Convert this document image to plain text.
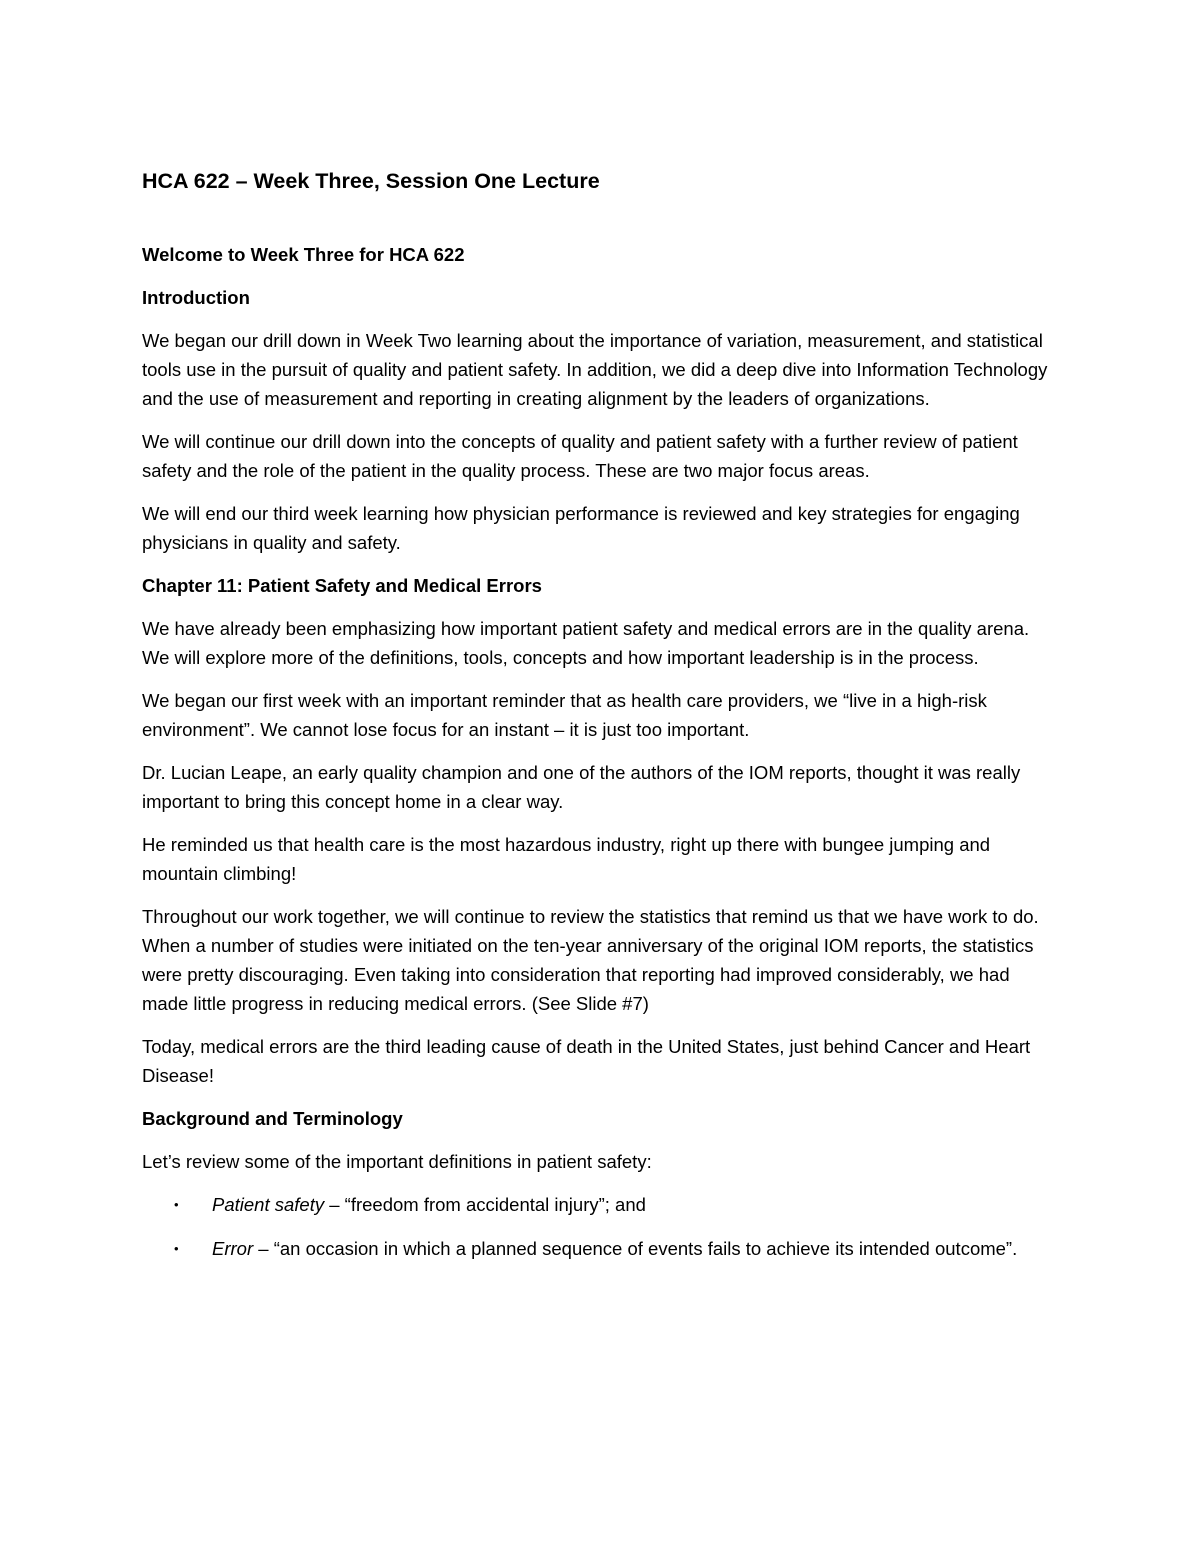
HCA 622 – Week Three, Session One Lecture
Welcome to Week Three for HCA 622
Introduction

We began our drill down in Week Two learning about the importance of variation, measurement, and statistical tools use in the pursuit of quality and patient safety. In addition, we did a deep dive into Information Technology and the use of measurement and reporting in creating alignment by the leaders of organizations.

We will continue our drill down into the concepts of quality and patient safety with a further review of patient safety and the role of the patient in the quality process. These are two major focus areas.

We will end our third week learning how physician performance is reviewed and key strategies for engaging physicians in quality and safety.

Chapter 11: Patient Safety and Medical Errors

We have already been emphasizing how important patient safety and medical errors are in the quality arena. We will explore more of the definitions, tools, concepts and how important leadership is in the process.

We began our first week with an important reminder that as health care providers, we “live in a high-risk environment”. We cannot lose focus for an instant – it is just too important.

Dr. Lucian Leape, an early quality champion and one of the authors of the IOM reports, thought it was really important to bring this concept home in a clear way.

He reminded us that health care is the most hazardous industry, right up there with bungee jumping and mountain climbing!

Throughout our work together, we will continue to review the statistics that remind us that we have work to do. When a number of studies were initiated on the ten-year anniversary of the original IOM reports, the statistics were pretty discouraging. Even taking into consideration that reporting had improved considerably, we had made little progress in reducing medical errors. (See Slide #7)

Today, medical errors are the third leading cause of death in the United States, just behind Cancer and Heart Disease!

Background and Terminology

Let’s review some of the important definitions in patient safety:

• Patient safety – “freedom from accidental injury”; and
• Error – “an occasion in which a planned sequence of events fails to achieve its intended outcome”.
